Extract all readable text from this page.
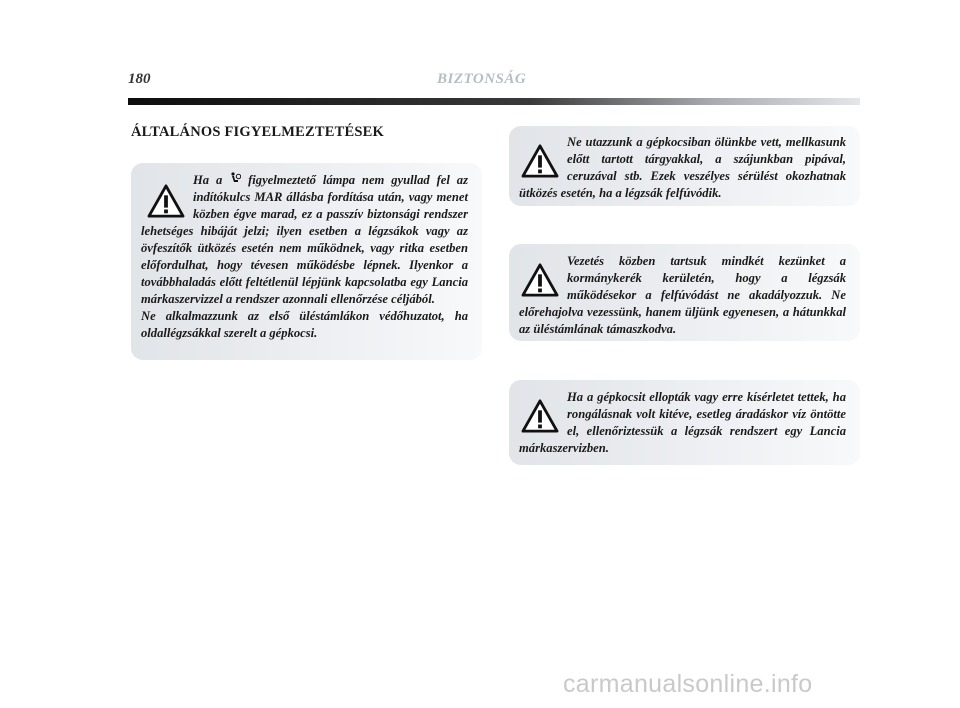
180	BIZTONSÁG
ÁLTALÁNOS FIGYELMEZTETÉSEK

Ha a  figyelmeztető lámpa nem gyullad fel az indítókulcs MAR állásba fordítása után, vagy menet közben égve marad, ez a passzív biztonsági rendszer lehetséges hibáját jelzi; ilyen esetben a légzsákok vagy az övfeszítők ütközés esetén nem működnek, vagy ritka esetben előfordulhat, hogy tévesen működésbe lépnek. Ilyenkor a továbbhaladás előtt feltétlenül lépjünk kapcsolatba egy Lancia márkaszervizzel a rendszer azonnali ellenőrzése céljából.

Ne alkalmazzunk az első üléstámlákon védőhuzatot, ha oldallégzsákkal szerelt a gépkocsi.

Ne utazzunk a gépkocsiban ölünkbe vett, mellkasunk előtt tartott tárgyakkal, a szájunkban pipával, ceruzával stb. Ezek veszélyes sérülést okozhatnak ütközés esetén, ha a légzsák felfúvódik.

Vezetés közben tartsuk mindkét kezünket a kormánykerék kerületén, hogy a légzsák működésekor a felfúvódást ne akadályozzuk. Ne előrehajolva vezessünk, hanem üljünk egyenesen, a hátunkkal az üléstámlának támaszkodva.

Ha a gépkocsit ellopták vagy erre kísérletet tettek, ha rongálásnak volt kitéve, esetleg áradáskor víz öntötte el, ellenőriztessük a légzsák rendszert egy Lancia márkaszervizben.

carmanualsonline.info
